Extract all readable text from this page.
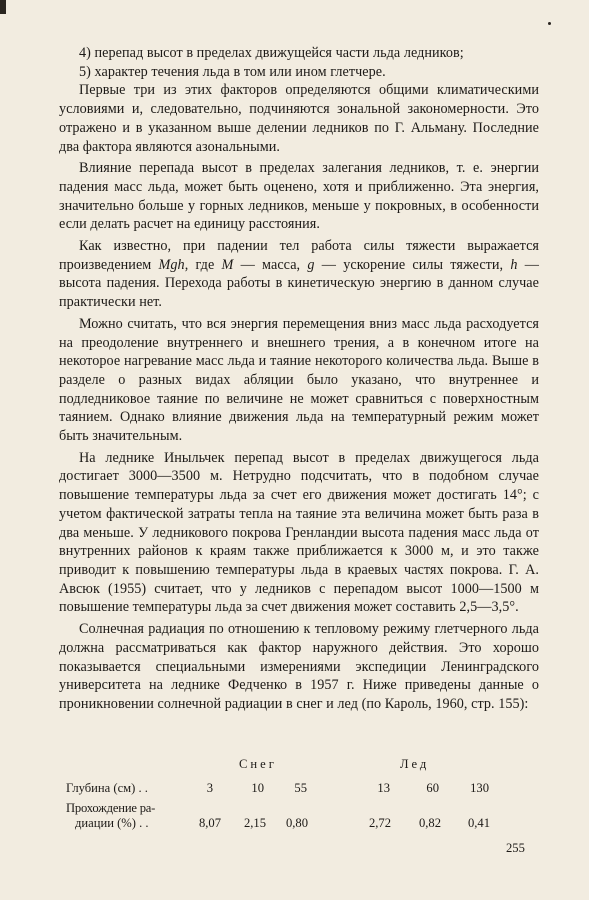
4) перепад высот в пределах движущейся части льда ледников;

5) характер течения льда в том или ином глетчере.

Первые три из этих факторов определяются общими климатическими условиями и, следовательно, подчиняются зональной закономерности. Это отражено и в указанном выше делении ледников по Г. Альману. Последние два фактора являются азональными.

Влияние перепада высот в пределах залегания ледников, т. е. энергии падения масс льда, может быть оценено, хотя и приближенно. Эта энергия, значительно больше у горных ледников, меньше у покровных, в особенности если делать расчет на единицу расстояния.

Как известно, при падении тел работа силы тяжести выражается произведением Mgh, где M — масса, g — ускорение силы тяжести, h — высота падения. Перехода работы в кинетическую энергию в данном случае практически нет.

Можно считать, что вся энергия перемещения вниз масс льда расходуется на преодоление внутреннего и внешнего трения, а в конечном итоге на некоторое нагревание масс льда и таяние некоторого количества льда. Выше в разделе о разных видах абляции было указано, что внутреннее и подледниковое таяние по величине не может сравниться с поверхностным таянием. Однако влияние движения льда на температурный режим может быть значительным.

На леднике Иныльчек перепад высот в пределах движущегося льда достигает 3000—3500 м. Нетрудно подсчитать, что в подобном случае повышение температуры льда за счет его движения может достигать 14°; с учетом фактической затраты тепла на таяние эта величина может быть раза в два меньше. У ледникового покрова Гренландии высота падения масс льда от внутренних районов к краям также приближается к 3000 м, и это также приводит к повышению температуры льда в краевых частях покрова. Г. А. Авсюк (1955) считает, что у ледников с перепадом высот 1000—1500 м повышение температуры льда за счет движения может составить 2,5—3,5°.

Солнечная радиация по отношению к тепловому режиму глетчерного льда должна рассматриваться как фактор наружного действия. Это хорошо показывается специальными измерениями экспедиции Ленинградского университета на леднике Федченко в 1957 г. Ниже приведены данные о проникновении солнечной радиации в снег и лед (по Кароль, 1960, стр. 155):

Снег	Лед
Глубина (см) . .	3	10	55	13	60	130
Прохождение ра-
диации (%) . .	8,07	2,15	0,80	2,72	0,82	0,41
255
